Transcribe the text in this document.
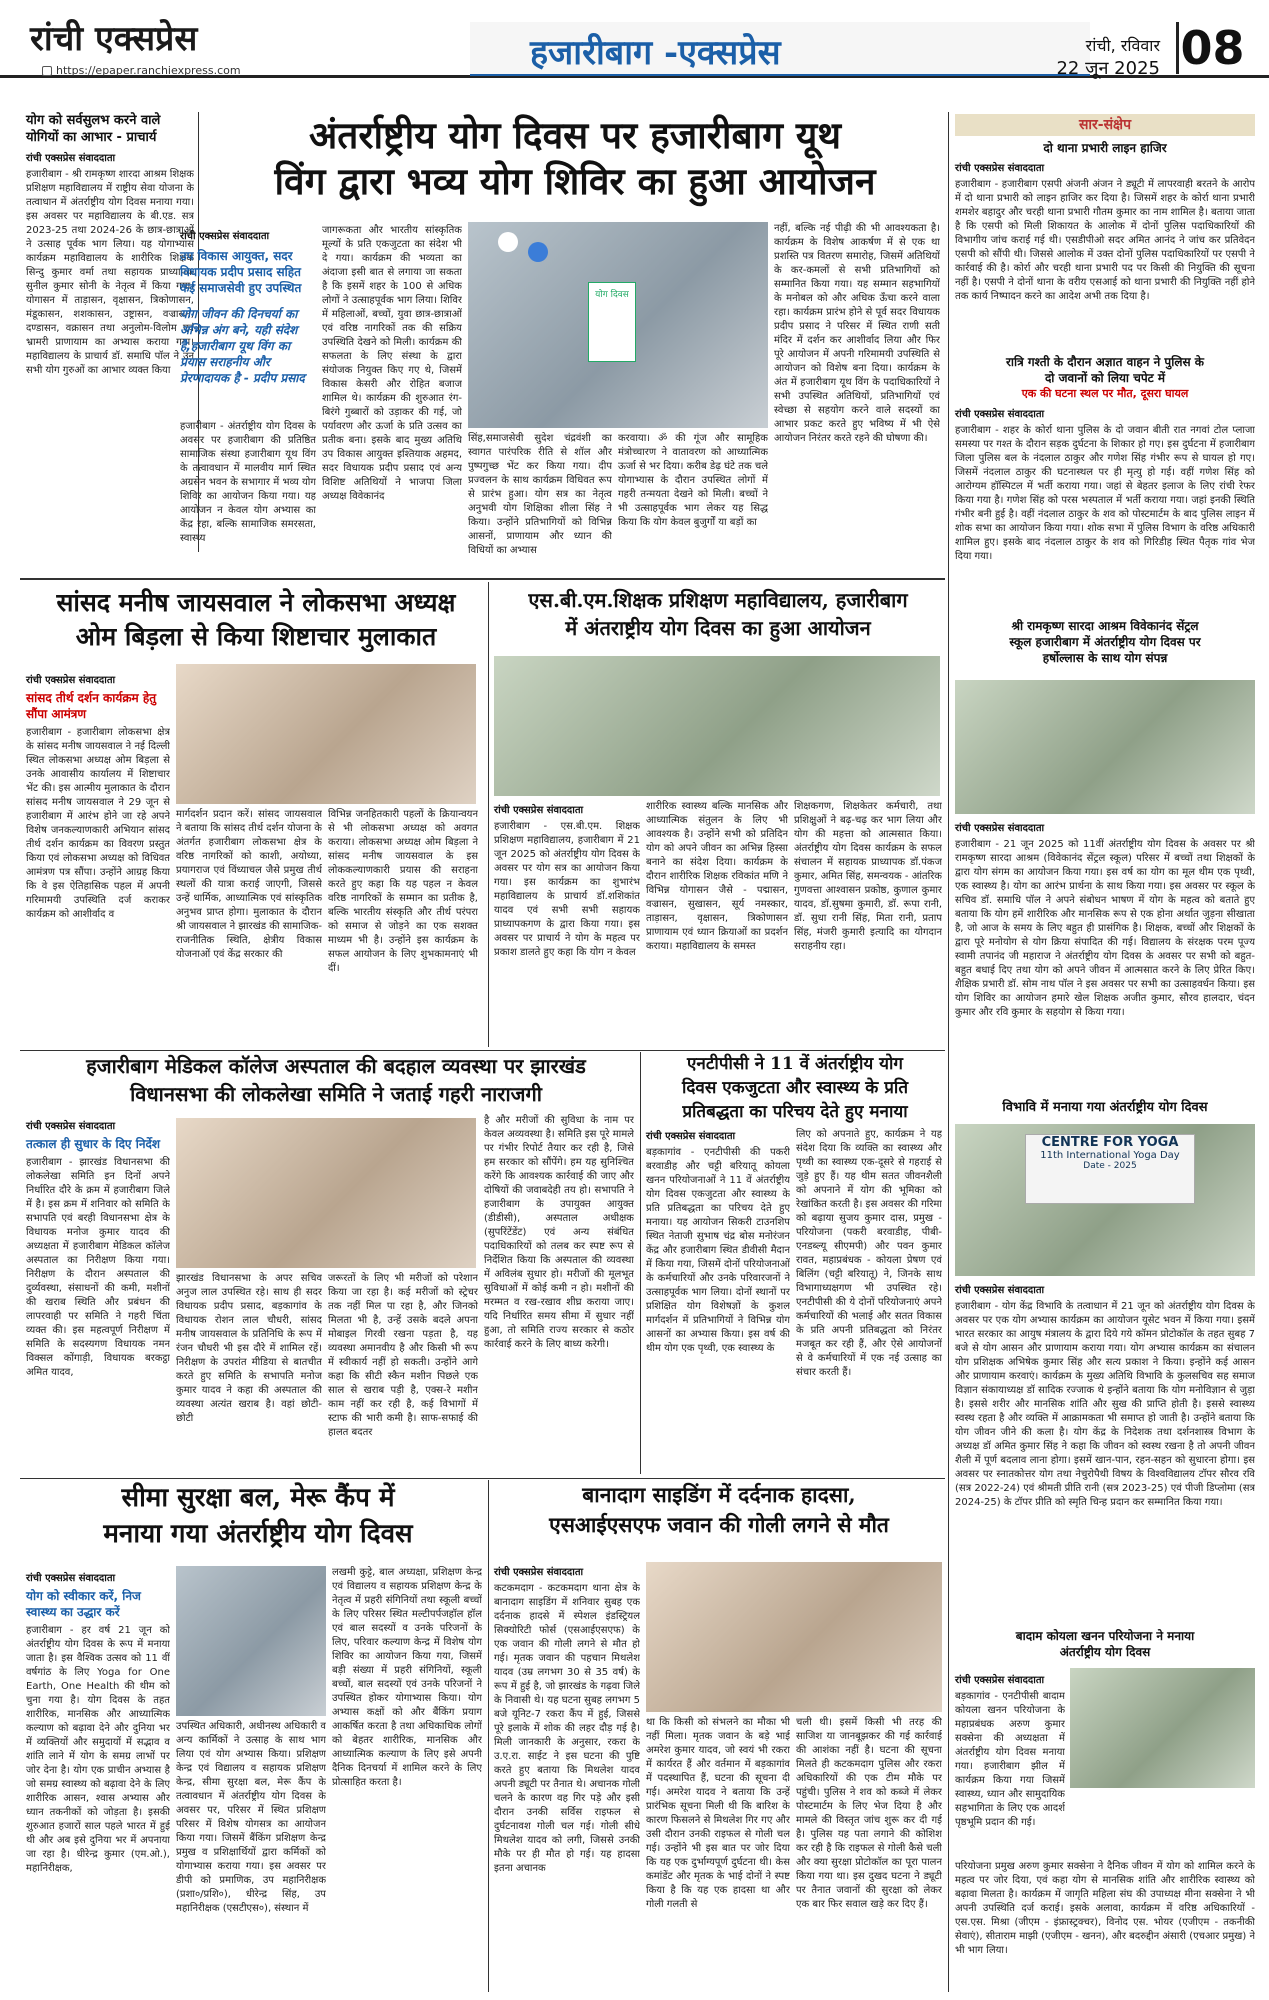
रांची एक्सप्रेस
https://epaper.ranchiexpress.com	हजारीबाग -एक्सप्रेस	रांची, रविवार
22 जून 2025 08
योग को सर्वसुलभ करने वाले योगियों का आभार - प्राचार्य
रांची एक्सप्रेस संवाददाता
हजारीबाग - श्री रामकृष्ण शारदा आश्रम शिक्षक प्रशिक्षण महाविद्यालय में राष्ट्रीय सेवा योजना के तत्वाधान में अंतर्राष्ट्रीय योग दिवस मनाया गया। इस अवसर पर महाविद्यालय के बी.एड. सत्र 2023-25 तथा 2024-26 के छात्र-छात्राओं ने उत्साह पूर्वक भाग लिया। यह योगाभ्यास कार्यक्रम महाविद्यालय के शारीरिक शिक्षक सिन्दु कुमार वर्मा तथा सहायक प्राध्यापक सुनील कुमार सोनी के नेतृत्व में किया गया। योगासन में ताड़ासन, वृक्षासन, त्रिकोणासन, मंडूकासन, शशकासन, उष्ट्रासन, वज्रासन, दण्डासन, वक्रासन तथा अनुलोम-विलोम एवं भ्रामरी प्राणायाम का अभ्यास कराया गया। महाविद्यालय के प्राचार्य डॉ. समाधि पॉल ने उन सभी योग गुरुओं का आभार व्यक्त किया
अंतर्राष्ट्रीय योग दिवस पर हजारीबाग यूथ
विंग द्वारा भव्य योग शिविर का हुआ आयोजन
रांची एक्सप्रेस संवाददाता
उप विकास आयुक्त, सदर विधायक प्रदीप प्रसाद सहित कई समाजसेवी हुए उपस्थित
योग जीवन की दिनचर्या का अभिन्न अंग बने, यही संदेश है,हजारीबाग यूथ विंग का प्रयास सराहनीय और प्रेरणादायक है - प्रदीप प्रसाद
हजारीबाग - अंतर्राष्ट्रीय योग दिवस के अवसर पर हजारीबाग की प्रतिष्ठित सामाजिक संस्था हजारीबाग यूथ विंग के तत्वावधान में मालवीय मार्ग स्थित अग्रसेन भवन के सभागार में भव्य योग शिविर का आयोजन किया गया। यह आयोजन न केवल योग अभ्यास का केंद्र रहा, बल्कि सामाजिक समरसता, स्वास्थ्य
जागरूकता और भारतीय सांस्कृतिक मूल्यों के प्रति एकजुटता का संदेश भी दे गया। कार्यक्रम की भव्यता का अंदाजा इसी बात से लगाया जा सकता है कि इसमें शहर के 100 से अधिक लोगों ने उत्साहपूर्वक भाग लिया। शिविर में महिलाओं, बच्चों, युवा छात्र-छात्राओं एवं वरिष्ठ नागरिकों तक की सक्रिय उपस्थिति देखने को मिली। कार्यक्रम की सफलता के लिए संस्था के द्वारा संयोजक नियुक्त किए गए थे, जिसमें विकास केसरी और रोहित बजाज शामिल थे। कार्यक्रम की शुरुआत रंग-बिरंगे गुब्बारों को उड़ाकर की गई, जो पर्यावरण और ऊर्जा के प्रति उत्सव का प्रतीक बना। इसके बाद मुख्य अतिथि उप विकास आयुक्त इश्तियाक अहमद, सदर विधायक प्रदीप प्रसाद एवं अन्य विशिष्ट अतिथियों ने भाजपा जिला अध्यक्ष विवेकानंद
योग दिवस
सिंह,समाजसेवी सुदेश चंद्रवंशी का स्वागत पारंपरिक रीति से शॉल और पुष्पगुच्छ भेंट कर किया गया। दीप प्रज्वलन के साथ कार्यक्रम विधिवत रूप से प्रारंभ हुआ। योग सत्र का नेतृत्व अनुभवी योग शिक्षिका शीला सिंह ने किया। उन्होंने प्रतिभागियों को विभिन्न आसनों, प्राणायाम और ध्यान की विधियों का अभ्यास
करवाया। ॐ की गूंज और सामूहिक मंत्रोच्चारण ने वातावरण को आध्यात्मिक ऊर्जा से भर दिया। करीब डेढ़ घंटे तक चले योगाभ्यास के दौरान उपस्थित लोगों में गहरी तन्मयता देखने को मिली। बच्चों ने भी उत्साहपूर्वक भाग लेकर यह सिद्ध किया कि योग केवल बुजुर्गों या बड़ों का
नहीं, बल्कि नई पीढ़ी की भी आवश्यकता है। कार्यक्रम के विशेष आकर्षण में से एक था प्रशस्ति पत्र वितरण समारोह, जिसमें अतिथियों के कर-कमलों से सभी प्रतिभागियों को सम्मानित किया गया। यह सम्मान सहभागियों के मनोबल को और अधिक ऊँचा करने वाला रहा। कार्यक्रम प्रारंभ होने से पूर्व सदर विधायक प्रदीप प्रसाद ने परिसर में स्थित राणी सती मंदिर में दर्शन कर आशीर्वाद लिया और फिर पूरे आयोजन में अपनी गरिमामयी उपस्थिति से आयोजन को विशेष बना दिया। कार्यक्रम के अंत में हजारीबाग यूथ विंग के पदाधिकारियों ने सभी उपस्थित अतिथियों, प्रतिभागियों एवं स्वेच्छा से सहयोग करने वाले सदस्यों का आभार प्रकट करते हुए भविष्य में भी ऐसे आयोजन निरंतर करते रहने की घोषणा की।
सांसद मनीष जायसवाल ने लोकसभा अध्यक्ष
ओम बिड़ला से किया शिष्टाचार मुलाकात
रांची एक्सप्रेस संवाददाता
सांसद तीर्थ दर्शन कार्यक्रम हेतु सौंपा आमंत्रण
हजारीबाग - हजारीबाग लोकसभा क्षेत्र के सांसद मनीष जायसवाल ने नई दिल्ली स्थित लोकसभा अध्यक्ष ओम बिड़ला से उनके आवासीय कार्यालय में शिष्टाचार भेंट की। इस आत्मीय मुलाकात के दौरान सांसद मनीष जायसवाल ने 29 जून से हजारीबाग में आरंभ होने जा रहे अपने विशेष जनकल्याणकारी अभियान सांसद तीर्थ दर्शन कार्यक्रम का विवरण प्रस्तुत किया एवं लोकसभा अध्यक्ष को विधिवत आमंत्रण पत्र सौंपा। उन्होंने आग्रह किया कि वे इस ऐतिहासिक पहल में अपनी गरिमामयी उपस्थिति दर्ज कराकर कार्यक्रम को आशीर्वाद व
मार्गदर्शन प्रदान करें। सांसद जायसवाल ने बताया कि सांसद तीर्थ दर्शन योजना के अंतर्गत हजारीबाग लोकसभा क्षेत्र के वरिष्ठ नागरिकों को काशी, अयोध्या, प्रयागराज एवं विंध्याचल जैसे प्रमुख तीर्थ स्थलों की यात्रा कराई जाएगी, जिससे उन्हें धार्मिक, आध्यात्मिक एवं सांस्कृतिक अनुभव प्राप्त होगा। मुलाकात के दौरान श्री जायसवाल ने झारखंड की सामाजिक-राजनीतिक स्थिति, क्षेत्रीय विकास योजनाओं एवं केंद्र सरकार की
विभिन्न जनहितकारी पहलों के क्रियान्वयन से भी लोकसभा अध्यक्ष को अवगत कराया। लोकसभा अध्यक्ष ओम बिड़ला ने सांसद मनीष जायसवाल के इस लोककल्याणकारी प्रयास की सराहना करते हुए कहा कि यह पहल न केवल वरिष्ठ नागरिकों के सम्मान का प्रतीक है, बल्कि भारतीय संस्कृति और तीर्थ परंपरा को समाज से जोड़ने का एक सशक्त माध्यम भी है। उन्होंने इस कार्यक्रम के सफल आयोजन के लिए शुभकामनाएं भी दीं।
एस.बी.एम.शिक्षक प्रशिक्षण महाविद्यालय, हजारीबाग
में अंतराष्ट्रीय योग दिवस का हुआ आयोजन
रांची एक्सप्रेस संवाददाता
हजारीबाग - एस.बी.एम. शिक्षक प्रशिक्षण महाविद्यालय, हजारीबाग में 21 जून 2025 को अंतर्राष्ट्रीय योग दिवस के अवसर पर योग सत्र का आयोजन किया गया। इस कार्यक्रम का शुभारंभ महाविद्यालय के प्राचार्य डॉ.शशिकांत यादव एवं सभी सभी सहायक प्राध्यापकगण के द्वारा किया गया। इस अवसर पर प्राचार्य ने योग के महत्व पर प्रकाश डालते हुए कहा कि योग न केवल
शारीरिक स्वास्थ्य बल्कि मानसिक और आध्यात्मिक संतुलन के लिए भी आवश्यक है। उन्होंने सभी को प्रतिदिन योग को अपने जीवन का अभिन्न हिस्सा बनाने का संदेश दिया। कार्यक्रम के दौरान शारीरिक शिक्षक रविकांत मणि ने विभिन्न योगासन जैसे - पद्मासन, वज्रासन, सुखासन, सूर्य नमस्कार, ताड़ासन, वृक्षासन, त्रिकोणासन प्राणायाम एवं ध्यान क्रियाओं का प्रदर्शन कराया। महाविद्यालय के समस्त
शिक्षकगण, शिक्षकेतर कर्मचारी, तथा प्रशिक्षुओं ने बढ़-चढ़ कर भाग लिया और योग की महत्ता को आत्मसात किया। अंतर्राष्ट्रीय योग दिवस कार्यक्रम के सफल संचालन में सहायक प्राध्यापक डॉ.पंकज कुमार, अमित सिंह, समन्वयक - आंतरिक गुणवत्ता आश्वासन प्रकोष्ठ, कुणाल कुमार यादव, डॉ.सुषमा कुमारी, डॉ. रूपा रानी, डॉ. सुधा रानी सिंह, मिता रानी, प्रताप सिंह, मंजरी कुमारी इत्यादि का योगदान सराहनीय रहा।
हजारीबाग मेडिकल कॉलेज अस्पताल की बदहाल व्यवस्था पर झारखंड
विधानसभा की लोकलेखा समिति ने जताई गहरी नाराजगी
रांची एक्सप्रेस संवाददाता
तत्काल ही सुधार के दिए निर्देश
हजारीबाग - झारखंड विधानसभा की लोकलेखा समिति इन दिनों अपने निर्धारित दौरे के क्रम में हजारीबाग जिले में है। इस क्रम में शनिवार को समिति के सभापति एवं बरही विधानसभा क्षेत्र के विधायक मनोज कुमार यादव की अध्यक्षता में हजारीबाग मेडिकल कॉलेज अस्पताल का निरीक्षण किया गया। निरीक्षण के दौरान अस्पताल की दुर्व्यवस्था, संसाधनों की कमी, मशीनों की खराब स्थिति और प्रबंधन की लापरवाही पर समिति ने गहरी चिंता व्यक्त की। इस महत्वपूर्ण निरीक्षण में समिति के सदस्यगण विधायक नमन विक्सल कोंगाड़ी, विधायक बरकट्ठा अमित यादव,
झारखंड विधानसभा के अपर सचिव अनुज लाल उपस्थित रहे। साथ ही सदर विधायक प्रदीप प्रसाद, बड़कागांव के विधायक रोशन लाल चौधरी, सांसद मनीष जायसवाल के प्रतिनिधि के रूप में रंजन चौधरी भी इस दौरे में शामिल रहें। निरीक्षण के उपरांत मीडिया से बातचीत करते हुए समिति के सभापति मनोज कुमार यादव ने कहा की अस्पताल की व्यवस्था अत्यंत खराब है। वहां छोटी-छोटी
जरूरतों के लिए भी मरीजों को परेशान किया जा रहा है। कई मरीजों को स्ट्रेचर तक नहीं मिल पा रहा है, और जिनको मिलता भी है, उन्हें उसके बदले अपना मोबाइल गिरवी रखना पड़ता है, यह व्यवस्था अमानवीय है और किसी भी रूप में स्वीकार्य नहीं हो सकती। उन्होंने आगे कहा कि सीटी स्कैन मशीन पिछले एक साल से खराब पड़ी है, एक्स-रे मशीन काम नहीं कर रही है, कई विभागों में स्टाफ की भारी कमी है। साफ-सफाई की हालत बदतर
है और मरीजों की सुविधा के नाम पर केवल अव्यवस्था है। समिति इस पूरे मामले पर गंभीर रिपोर्ट तैयार कर रही है, जिसे हम सरकार को सौंपेंगे। हम यह सुनिश्चित करेंगे कि आवश्यक कार्रवाई की जाए और दोषियों की जवाबदेही तय हो। सभापति ने हजारीबाग के उपायुक्त आयुक्त (डीडीसी), अस्पताल अधीक्षक (सुपरिंटेंडेंट) एवं अन्य संबंधित पदाधिकारियों को तलब कर स्पष्ट रूप से निर्देशित किया कि अस्पताल की व्यवस्था में अविलंब सुधार हो। मरीजों की मूलभूत सुविधाओं में कोई कमी न हो। मशीनों की मरम्मत व रख-रखाव शीघ्र कराया जाए। यदि निर्धारित समय सीमा में सुधार नहीं हुआ, तो समिति राज्य सरकार से कठोर कार्रवाई करने के लिए बाध्य करेगी।
एनटीपीसी ने 11 वें अंतर्राष्ट्रीय योग
दिवस एकजुटता और स्वास्थ्य के प्रति
प्रतिबद्धता का परिचय देते हुए मनाया
रांची एक्सप्रेस संवाददाता
बड़कागांव - एनटीपीसी की पकरी बरवाडीह और चट्टी बरियातू कोयला खनन परियोजनाओं ने 11 वें अंतर्राष्ट्रीय योग दिवस एकजुटता और स्वास्थ्य के प्रति प्रतिबद्धता का परिचय देते हुए मनाया। यह आयोजन सिकरी टाउनशिप स्थित नेताजी सुभाष चंद्र बोस मनोरंजन केंद्र और हजारीबाग स्थित डीवीसी मैदान में किया गया, जिसमें दोनों परियोजनाओं के कर्मचारियों और उनके परिवारजनों ने उत्साहपूर्वक भाग लिया। दोनों स्थानों पर प्रशिक्षित योग विशेषज्ञों के कुशल मार्गदर्शन में प्रतिभागियों ने विभिन्न योग आसनों का अभ्यास किया। इस वर्ष की थीम योग एक पृथ्वी, एक स्वास्थ्य के
लिए को अपनाते हुए, कार्यक्रम ने यह संदेश दिया कि व्यक्ति का स्वास्थ्य और पृथ्वी का स्वास्थ्य एक-दूसरे से गहराई से जुड़े हुए हैं। यह थीम सतत जीवनशैली को अपनाने में योग की भूमिका को रेखांकित करती है। इस अवसर की गरिमा को बढ़ाया सुजय कुमार दास, प्रमुख - परियोजना (पकरी बरवाडीह, पीबी-एनडब्ल्यू सीएमपी) और पवन कुमार रावत, महाप्रबंधक - कोयला प्रेषण एवं बिलिंग (चट्टी बरियातू) ने, जिनके साथ विभागाध्यक्षगण भी उपस्थित रहे। एनटीपीसी की ये दोनों परियोजनाएं अपने कर्मचारियों की भलाई और सतत विकास के प्रति अपनी प्रतिबद्धता को निरंतर मजबूत कर रही हैं, और ऐसे आयोजनों से वे कर्मचारियों में एक नई उत्साह का संचार करती हैं।
सीमा सुरक्षा बल, मेरू कैंप में
मनाया गया अंतर्राष्ट्रीय योग दिवस
रांची एक्सप्रेस संवाददाता
योग को स्वीकार करें, निज स्वास्थ्य का उद्धार करें
हजारीबाग - हर वर्ष 21 जून को अंतर्राष्ट्रीय योग दिवस के रूप में मनाया जाता है। इस वैश्विक उत्सव को 11 वीं वर्षगांठ के लिए Yoga for One Earth, One Health की थीम को चुना गया है। योग दिवस के तहत शारीरिक, मानसिक और आध्यात्मिक कल्याण को बढ़ावा देने और दुनिया भर में व्यक्तियों और समुदायों में सद्भाव व शांति लाने में योग के समग्र लाभों पर जोर देना है। योग एक प्राचीन अभ्यास है जो समग्र स्वास्थ्य को बढ़ावा देने के लिए शारीरिक आसन, श्वास अभ्यास और ध्यान तकनीकों को जोड़ता है। इसकी शुरुआत हजारों साल पहले भारत में हुई थी और अब इसे दुनिया भर में अपनाया जा रहा है। धीरेन्द्र कुमार (एम.ओ.), महानिरीक्षक,
उपस्थित अधिकारी, अधीनस्थ अधिकारी व अन्य कार्मिकों ने उत्साह के साथ भाग लिया एवं योग अभ्यास किया। प्रशिक्षण केन्द्र एवं विद्यालय व सहायक प्रशिक्षण केन्द्र, सीमा सुरक्षा बल, मेरू कैंप के तत्वावधान में अंतर्राष्ट्रीय योग दिवस के अवसर पर, परिसर में स्थित प्रशिक्षण परिसर में विशेष योगसत्र का आयोजन किया गया। जिसमें बैंकिंग प्रशिक्षण केन्द्र प्रमुख व प्रशिक्षार्थियों द्वारा कर्मिकों को योगाभ्यास कराया गया। इस अवसर पर डीपी को प्रमाणिक, उप महानिरीक्षक (प्रशा०/प्रशि०), धीरेन्द्र सिंह, उप महानिरीक्षक (एसटीएस०), संस्थान में
लखमी कुट्टे, बाल अध्यक्षा, प्रशिक्षण केन्द्र एवं विद्यालय व सहायक प्रशिक्षण केन्द्र के नेतृत्व में प्रहरी संगिनियों तथा स्कूली बच्चों के लिए परिसर स्थित मल्टीपर्पजहॉल हॉल एवं बाल सदस्यों व उनके परिजनों के लिए, परिवार कल्याण केन्द्र में विशेष योग शिविर का आयोजन किया गया, जिसमें बड़ी संख्या में प्रहरी संगिनियों, स्कूली बच्चों, बाल सदस्यों एवं उनके परिजनों ने उपस्थित होकर योगाभ्यास किया। योग अभ्यास कक्षों को और बैंकिंग प्रयाग आकर्षित करता है तथा अधिकाधिक लोगों को बेहतर शारीरिक, मानसिक और आध्यात्मिक कल्याण के लिए इसे अपनी दैनिक दिनचर्या में शामिल करने के लिए प्रोत्साहित करता है।
बानादाग साइडिंग में दर्दनाक हादसा,
एसआईएसएफ जवान की गोली लगने से मौत
रांची एक्सप्रेस संवाददाता
कटकमदाग - कटकमदाग थाना क्षेत्र के बानादाग साइडिंग में शनिवार सुबह एक दर्दनाक हादसे में स्पेशल इंडस्ट्रियल सिक्योरिटी फोर्स (एसआईएसएफ) के एक जवान की गोली लगने से मौत हो गई। मृतक जवान की पहचान मिथलेश यादव (उम्र लगभग 30 से 35 वर्ष) के रूप में हुई है, जो झारखंड के गढ़वा जिले के निवासी थे। यह घटना सुबह लगभग 5 बजे यूनिट-7 रकरा कैंप में हुई, जिससे पूरे इलाके में शोक की लहर दौड़ गई है। मिली जानकारी के अनुसार, रकरा के उ.ए.रा. साईट ने इस घटना की पुष्टि करते हुए बताया कि मिथलेश यादव अपनी ड्यूटी पर तैनात थे। अचानक गोली चलने के कारण वह गिर पड़े और इसी दौरान उनकी सर्विस राइफल से दुर्घटनावश गोली चल गई। गोली सीधे मिथलेश यादव को लगी, जिससे उनकी मौके पर ही मौत हो गई। यह हादसा इतना अचानक
था कि किसी को संभलने का मौका भी नहीं मिला। मृतक जवान के बड़े भाई अमरेश कुमार यादव, जो स्वयं भी रकरा में कार्यरत हैं और वर्तमान में बड़कागांव में पदस्थापित हैं, घटना की सूचना दी गई। अमरेश यादव ने बताया कि उन्हें प्रारंभिक सूचना मिली थी कि बारिश के कारण फिसलने से मिथलेश गिर गए और उसी दौरान उनकी राइफल से गोली चल गई। उन्होंने भी इस बात पर जोर दिया कि यह एक दुर्भाग्यपूर्ण दुर्घटना थी। केस कमांडेंट और मृतक के भाई दोनों ने स्पष्ट किया है कि यह एक हादसा था और गोली गलती से
चली थी। इसमें किसी भी तरह की साजिश या जानबूझकर की गई कार्रवाई की आशंका नहीं है। घटना की सूचना मिलते ही कटकमदाग पुलिस और रकरा अधिकारियों की एक टीम मौके पर पहुंची। पुलिस ने शव को कब्जे में लेकर पोस्टमार्टम के लिए भेज दिया है और मामले की विस्तृत जांच शुरू कर दी गई है। पुलिस यह पता लगाने की कोशिश कर रही है कि राइफल से गोली कैसे चली और क्या सुरक्षा प्रोटोकॉल का पूरा पालन किया गया था। इस दुखद घटना ने ड्यूटी पर तैनात जवानों की सुरक्षा को लेकर एक बार फिर सवाल खड़े कर दिए हैं।
सार-संक्षेप
दो थाना प्रभारी लाइन हाजिर
रांची एक्सप्रेस संवाददाता
हजारीबाग - हजारीबाग एसपी अंजनी अंजन ने ड्यूटी में लापरवाही बरतने के आरोप में दो थाना प्रभारी को लाइन हाजिर कर दिया है। जिसमें शहर के कोर्रा थाना प्रभारी शमशेर बहादुर और चरही थाना प्रभारी गौतम कुमार का नाम शामिल है। बताया जाता है कि एसपी को मिली शिकायत के आलोक में दोनों पुलिस पदाधिकारियों की विभागीय जांच कराई गई थी। एसडीपीओ सदर अमित आनंद ने जांच कर प्रतिवेदन एसपी को सौंपी थी। जिससे आलोक में उक्त दोनों पुलिस पदाधिकारियों पर एसपी ने कार्रवाई की है। कोर्रा और चरही थाना प्रभारी पद पर किसी की नियुक्ति की सूचना नहीं है। एसपी ने दोनों थाना के वरीय एसआई को थाना प्रभारी की नियुक्ति नहीं होने तक कार्य निष्पादन करने का आदेश अभी तक दिया है।
रात्रि गश्ती के दौरान अज्ञात वाहन ने पुलिस के
दो जवानों को लिया चपेट में
एक की घटना स्थल पर मौत, दूसरा घायल
रांची एक्सप्रेस संवाददाता
हजारीबाग - शहर के कोर्रा थाना पुलिस के दो जवान बीती रात नगवां टोल प्लाजा समस्या पर गश्त के दौरान सड़क दुर्घटना के शिकार हो गए। इस दुर्घटना में हजारीबाग जिला पुलिस बल के नंदलाल ठाकुर और गणेश सिंह गंभीर रूप से घायल हो गए। जिसमें नंदलाल ठाकुर की घटनास्थल पर ही मृत्यु हो गई। वहीं गणेश सिंह को आरोग्यम हॉस्पिटल में भर्ती कराया गया। जहां से बेहतर इलाज के लिए रांची रेफर किया गया है। गणेश सिंह को परस भस्पताल में भर्ती कराया गया। जहां इनकी स्थिति गंभीर बनी हुई है। वहीं नंदलाल ठाकुर के शव को पोस्टमार्टम के बाद पुलिस लाइन में शोक सभा का आयोजन किया गया। शोक सभा में पुलिस विभाग के वरिष्ठ अधिकारी शामिल हुए। इसके बाद नंदलाल ठाकुर के शव को गिरिडीह स्थित पैतृक गांव भेज दिया गया।
श्री रामकृष्ण सारदा आश्रम विवेकानंद सेंट्रल
स्कूल हजारीबाग में अंतर्राष्ट्रीय योग दिवस पर
हर्षोल्लास के साथ योग संपन्न
रांची एक्सप्रेस संवाददाता
हजारीबाग - 21 जून 2025 को 11वीं अंतर्राष्ट्रीय योग दिवस के अवसर पर श्री रामकृष्ण सारदा आश्रम (विवेकानंद सेंट्रल स्कूल) परिसर में बच्चों तथा शिक्षकों के द्वारा योग संगम का आयोजन किया गया। इस वर्ष का योग का मूल थीम एक पृथ्वी, एक स्वास्थ्य है। योग का आरंभ प्रार्थना के साथ किया गया। इस अवसर पर स्कूल के सचिव डॉ. समाधि पॉल ने अपने संबोधन भाषण में योग के महत्व को बताते हुए बताया कि योग हमें शारीरिक और मानसिक रूप से एक होना अर्थात जुड़ना सीखाता है, जो आज के समय के लिए बहुत ही प्रासंगिक है। शिक्षक, बच्चों और शिक्षकों के द्वारा पूरे मनोयोग से योग क्रिया संपादित की गई। विद्यालय के संरक्षक परम पूज्य स्वामी तपानंद जी महाराज ने अंतर्राष्ट्रीय योग दिवस के अवसर पर सभी को बहुत-बहुत बधाई दिए तथा योग को अपने जीवन में आत्मसात करने के लिए प्रेरित किए। शैक्षिक प्रभारी डॉ. सोम नाथ पॉल ने इस अवसर पर सभी का उत्साहवर्धन किया। इस योग शिविर का आयोजन हमारे खेल शिक्षक अजीत कुमार, सौरव हालदार, चंदन कुमार और रवि कुमार के सहयोग से किया गया।
विभावि में मनाया गया अंतर्राष्ट्रीय योग दिवस
CENTRE FOR YOGA
11th International Yoga Day
Date - 2025
रांची एक्सप्रेस संवाददाता
हजारीबाग - योग केंद्र विभावि के तत्वाधान में 21 जून को अंतर्राष्ट्रीय योग दिवस के अवसर पर एक योग अभ्यास कार्यक्रम का आयोजन यूसेट भवन में किया गया। इसमें भारत सरकार का आयुष मंत्रालय के द्वारा दिये गये कॉमन प्रोटोकॉल के तहत सुबह 7 बजे से योग आसन और प्राणायाम कराया गया। योग अभ्यास कार्यक्रम का संचालन योग प्रशिक्षक अभिषेक कुमार सिंह और सत्य प्रकाश ने किया। इन्होंने कई आसन और प्राणायाम करवाएं। कार्यक्रम के मुख्य अतिथि विभावि के कुलसचिव सह समाज विज्ञान संकायाध्यक्ष डॉ सादिक रज्जाक थे इन्होंने बताया कि योग मनोविज्ञान से जुड़ा है। इससे शरीर और मानसिक शांति और सुख की प्राप्ति होती है। इससे स्वास्थ्य स्वस्थ रहता है और व्यक्ति में आक्रामकता भी समाप्त हो जाती है। उन्होंने बताया कि योग जीवन जीने की कला है। योग केंद्र के निदेशक तथा दर्शनशास्त्र विभाग के अध्यक्ष डॉ अमित कुमार सिंह ने कहा कि जीवन को स्वस्थ रखना है तो अपनी जीवन शैली में पूर्ण बदलाव लाना होगा। इसमें खान-पान, रहन-सहन को सुधारना होगा। इस अवसर पर स्नातकोत्तर योग तथा नेचुरोपैथी विषय के विश्वविद्यालय टॉपर सौरव रवि (सत्र 2022-24) एवं श्रीमती प्रीति रानी (सत्र 2023-25) एवं पीजी डिप्लोमा (सत्र 2024-25) के टॉपर प्रीति को स्मृति चिन्ह प्रदान कर सम्मानित किया गया।
बादाम कोयला खनन परियोजना ने मनाया
अंतर्राष्ट्रीय योग दिवस
रांची एक्सप्रेस संवाददाता
बड़कागांव - एनटीपीसी बादाम कोयला खनन परियोजना के महाप्रबंधक अरुण कुमार सक्सेना की अध्यक्षता में अंतर्राष्ट्रीय योग दिवस मनाया गया। हजारीबाग झील में कार्यक्रम किया गया जिसमें स्वास्थ्य, ध्यान और सामुदायिक सहभागिता के लिए एक आदर्श पृष्ठभूमि प्रदान की गई।
परियोजना प्रमुख अरुण कुमार सक्सेना ने दैनिक जीवन में योग को शामिल करने के महत्व पर जोर दिया, एवं कहा योग से मानसिक शांति और शारीरिक स्वास्थ्य को बढ़ावा मिलता है। कार्यक्रम में जागृति महिला संघ की उपाध्यक्ष मीना सक्सेना ने भी अपनी उपस्थिति दर्ज कराई। इसके अलावा, कार्यक्रम में वरिष्ठ अधिकारियों - एस.एस. मिश्रा (जीएम - इंफ्रास्ट्रक्चर), विनोद एस. भोयर (एजीएम - तकनीकी सेवाएं), सीताराम माझी (एजीएम - खनन), और बदरुद्दीन अंसारी (एचआर प्रमुख) ने भी भाग लिया।
